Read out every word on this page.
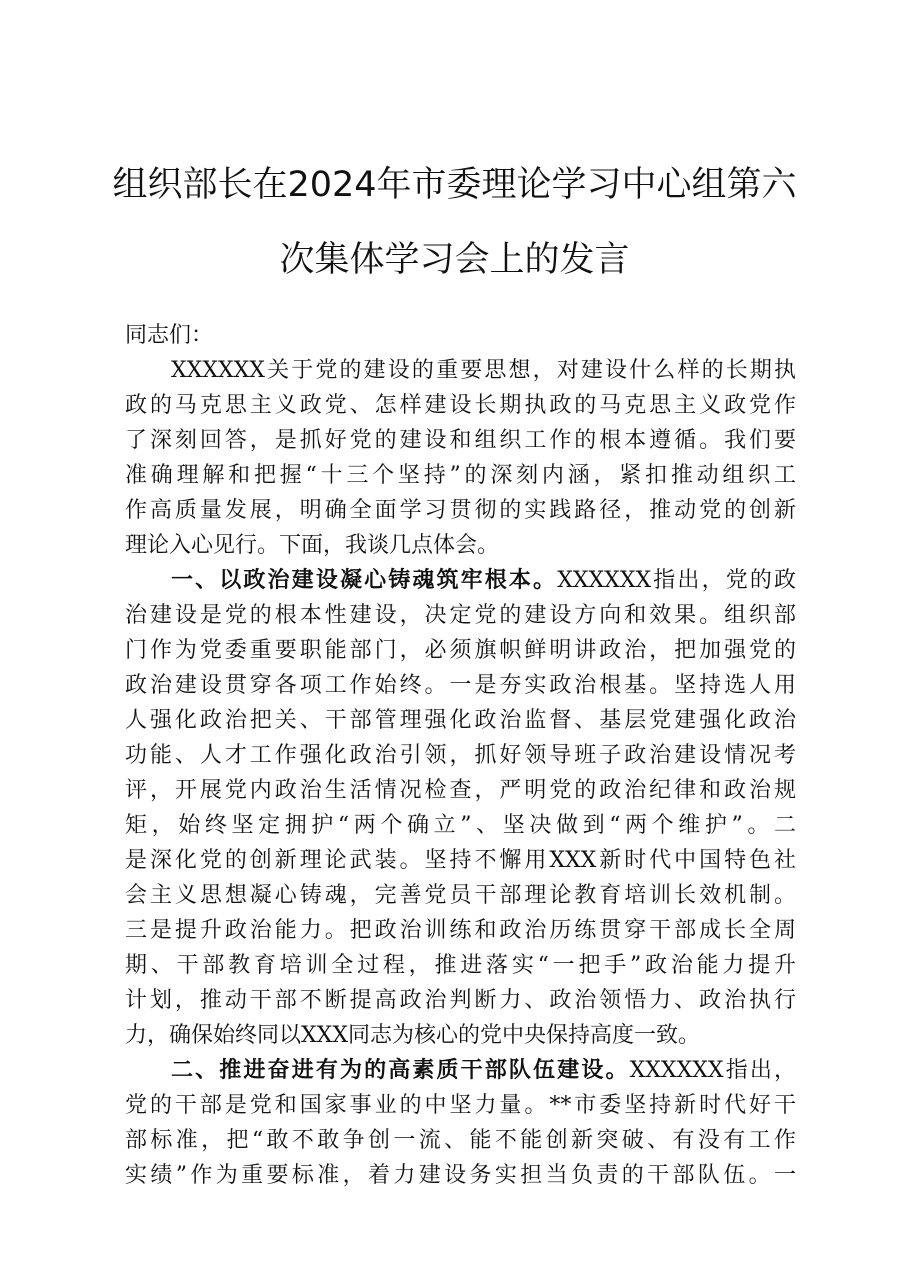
组织部长在2024年市委理论学习中心组第六
次集体学习会上的发言
同志们：
XXXXXX关于党的建设的重要思想，对建设什么样的长期执
政的马克思主义政党、怎样建设长期执政的马克思主义政党作
了深刻回答，是抓好党的建设和组织工作的根本遵循。我们要
准确理解和把握“十三个坚持”的深刻内涵，紧扣推动组织工
作高质量发展，明确全面学习贯彻的实践路径，推动党的创新
理论入心见行。下面，我谈几点体会。
一、以政治建设凝心铸魂筑牢根本。XXXXXX指出，党的政
治建设是党的根本性建设，决定党的建设方向和效果。组织部
门作为党委重要职能部门，必须旗帜鲜明讲政治，把加强党的
政治建设贯穿各项工作始终。一是夯实政治根基。坚持选人用
人强化政治把关、干部管理强化政治监督、基层党建强化政治
功能、人才工作强化政治引领，抓好领导班子政治建设情况考
评，开展党内政治生活情况检查，严明党的政治纪律和政治规
矩，始终坚定拥护“两个确立”、坚决做到“两个维护”。二
是深化党的创新理论武装。坚持不懈用XXX新时代中国特色社
会主义思想凝心铸魂，完善党员干部理论教育培训长效机制。
三是提升政治能力。把政治训练和政治历练贯穿干部成长全周
期、干部教育培训全过程，推进落实“一把手”政治能力提升
计划，推动干部不断提高政治判断力、政治领悟力、政治执行
力，确保始终同以XXX同志为核心的党中央保持高度一致。
二、推进奋进有为的高素质干部队伍建设。XXXXXX指出，
党的干部是党和国家事业的中坚力量。**市委坚持新时代好干
部标准，把“敢不敢争创一流、能不能创新突破、有没有工作
实绩”作为重要标准，着力建设务实担当负责的干部队伍。一
